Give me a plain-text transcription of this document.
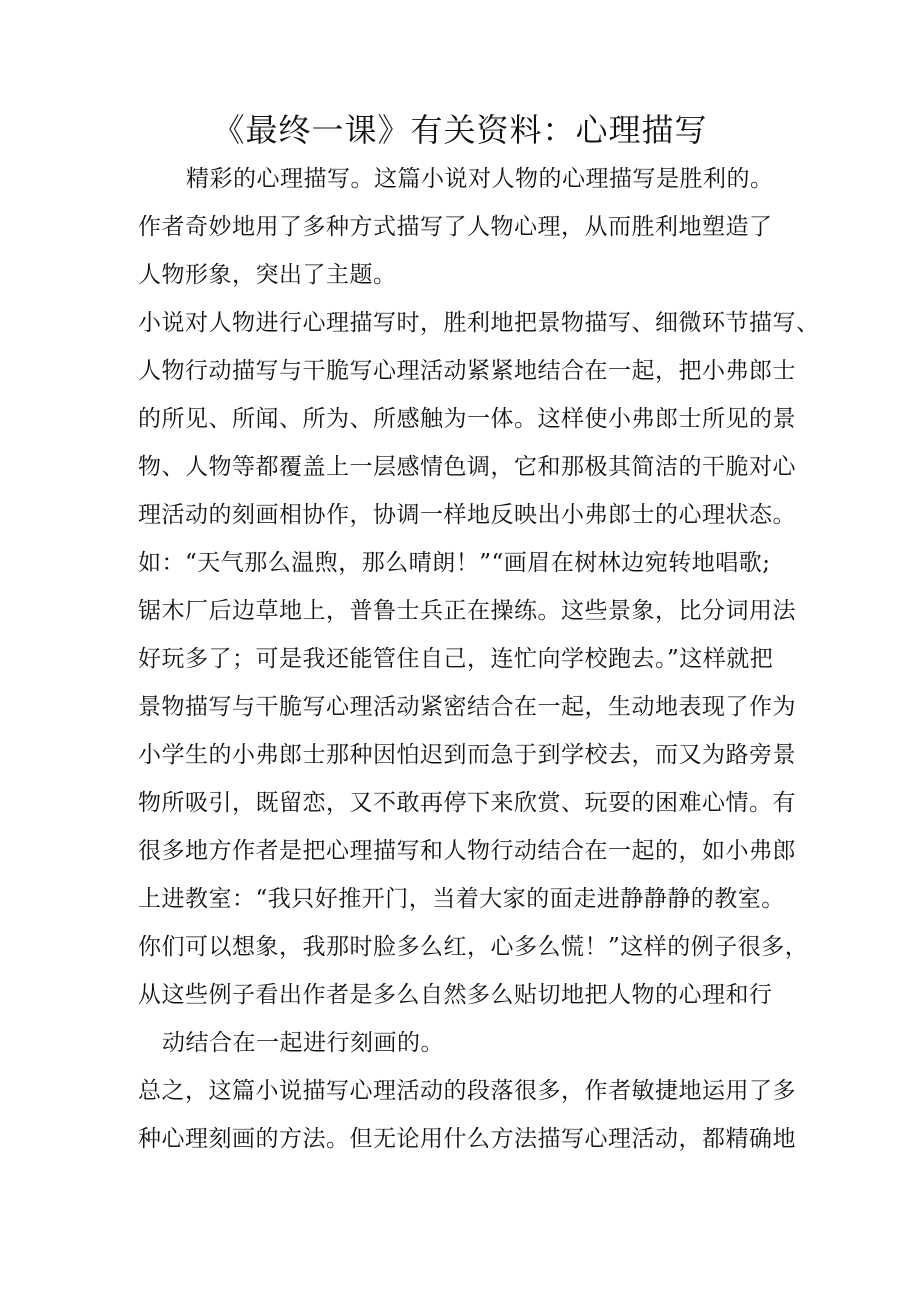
《最终一课》有关资料：心理描写
精彩的心理描写。这篇小说对人物的心理描写是胜利的。
作者奇妙地用了多种方式描写了人物心理，从而胜利地塑造了
人物形象，突出了主题。
小说对人物进行心理描写时，胜利地把景物描写、细微环节描写、
人物行动描写与干脆写心理活动紧紧地结合在一起，把小弗郎士
的所见、所闻、所为、所感触为一体。这样使小弗郎士所见的景
物、人物等都覆盖上一层感情色调，它和那极其简洁的干脆对心
理活动的刻画相协作，协调一样地反映出小弗郎士的心理状态。
如：“天气那么温煦，那么晴朗！”“画眉在树林边宛转地唱歌;
锯木厂后边草地上，普鲁士兵正在操练。这些景象，比分词用法
好玩多了；可是我还能管住自己，连忙向学校跑去。”这样就把
景物描写与干脆写心理活动紧密结合在一起，生动地表现了作为
小学生的小弗郎士那种因怕迟到而急于到学校去，而又为路旁景
物所吸引，既留恋，又不敢再停下来欣赏、玩耍的困难心情。有
很多地方作者是把心理描写和人物行动结合在一起的，如小弗郎
上进教室：“我只好推开门，当着大家的面走进静静静的教室。
你们可以想象，我那时脸多么红，心多么慌！”这样的例子很多，
从这些例子看出作者是多么自然多么贴切地把人物的心理和行
动结合在一起进行刻画的。
总之，这篇小说描写心理活动的段落很多，作者敏捷地运用了多
种心理刻画的方法。但无论用什么方法描写心理活动，都精确地
